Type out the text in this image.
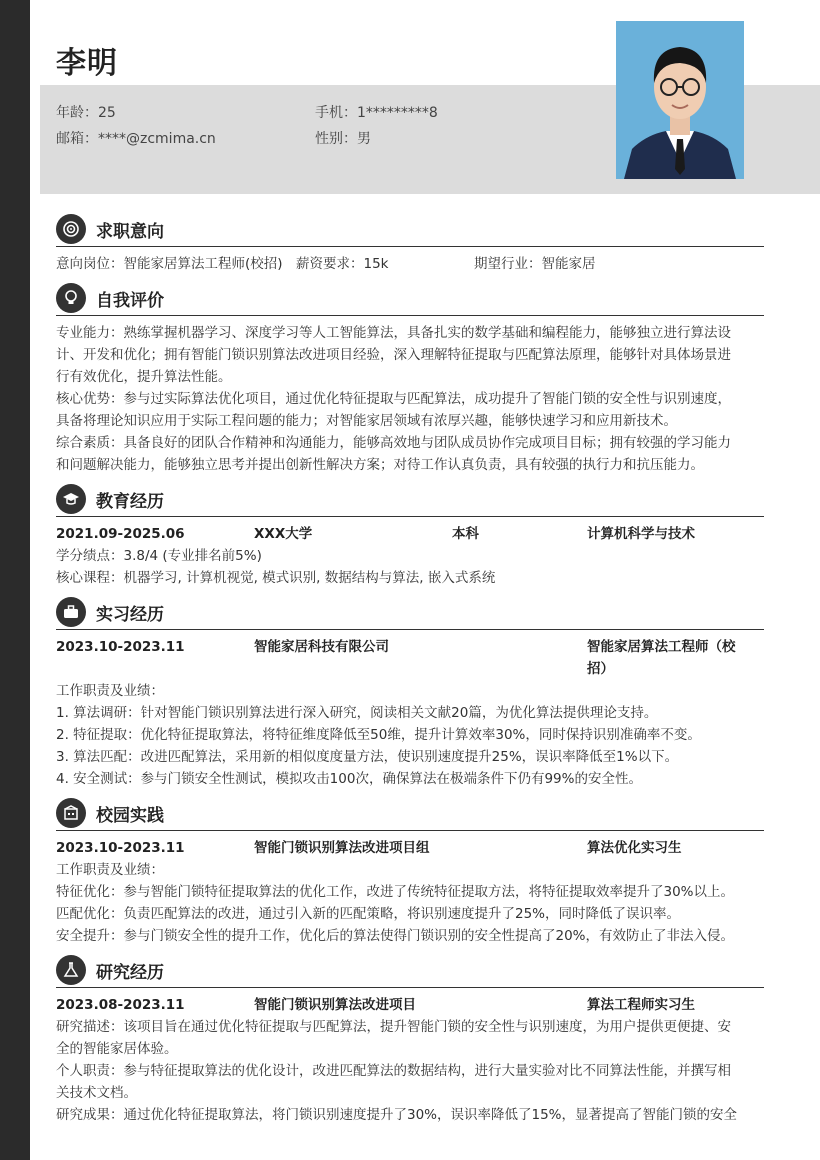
李明
年龄：25	手机：1*********8
邮箱：****@zcmima.cn	性别：男
求职意向
意向岗位：智能家居算法工程师(校招) 薪资要求：15k	期望行业：智能家居
自我评价
专业能力：熟练掌握机器学习、深度学习等人工智能算法，具备扎实的数学基础和编程能力，能够独立进行算法设
计、开发和优化；拥有智能门锁识别算法改进项目经验，深入理解特征提取与匹配算法原理，能够针对具体场景进
行有效优化，提升算法性能。
核心优势：参与过实际算法优化项目，通过优化特征提取与匹配算法，成功提升了智能门锁的安全性与识别速度，
具备将理论知识应用于实际工程问题的能力；对智能家居领域有浓厚兴趣，能够快速学习和应用新技术。
综合素质：具备良好的团队合作精神和沟通能力，能够高效地与团队成员协作完成项目目标；拥有较强的学习能力
和问题解决能力，能够独立思考并提出创新性解决方案；对待工作认真负责，具有较强的执行力和抗压能力。
教育经历
2021.09-2025.06	XXX大学	本科	计算机科学与技术
学分绩点：3.8/4 (专业排名前5%)
核心课程：机器学习, 计算机视觉, 模式识别, 数据结构与算法, 嵌入式系统
实习经历
2023.10-2023.11	智能家居科技有限公司	智能家居算法工程师（校
招）
工作职责及业绩：
1. 算法调研：针对智能门锁识别算法进行深入研究，阅读相关文献20篇，为优化算法提供理论支持。
2. 特征提取：优化特征提取算法，将特征维度降低至50维，提升计算效率30%，同时保持识别准确率不变。
3. 算法匹配：改进匹配算法，采用新的相似度度量方法，使识别速度提升25%，误识率降低至1%以下。
4. 安全测试：参与门锁安全性测试，模拟攻击100次，确保算法在极端条件下仍有99%的安全性。
校园实践
2023.10-2023.11	智能门锁识别算法改进项目组	算法优化实习生
工作职责及业绩：
特征优化：参与智能门锁特征提取算法的优化工作，改进了传统特征提取方法，将特征提取效率提升了30%以上。
匹配优化：负责匹配算法的改进，通过引入新的匹配策略，将识别速度提升了25%，同时降低了误识率。
安全提升：参与门锁安全性的提升工作，优化后的算法使得门锁识别的安全性提高了20%，有效防止了非法入侵。
研究经历
2023.08-2023.11	智能门锁识别算法改进项目	算法工程师实习生
研究描述：该项目旨在通过优化特征提取与匹配算法，提升智能门锁的安全性与识别速度，为用户提供更便捷、安
全的智能家居体验。
个人职责：参与特征提取算法的优化设计，改进匹配算法的数据结构，进行大量实验对比不同算法性能，并撰写相
关技术文档。
研究成果：通过优化特征提取算法，将门锁识别速度提升了30%，误识率降低了15%，显著提高了智能门锁的安全
